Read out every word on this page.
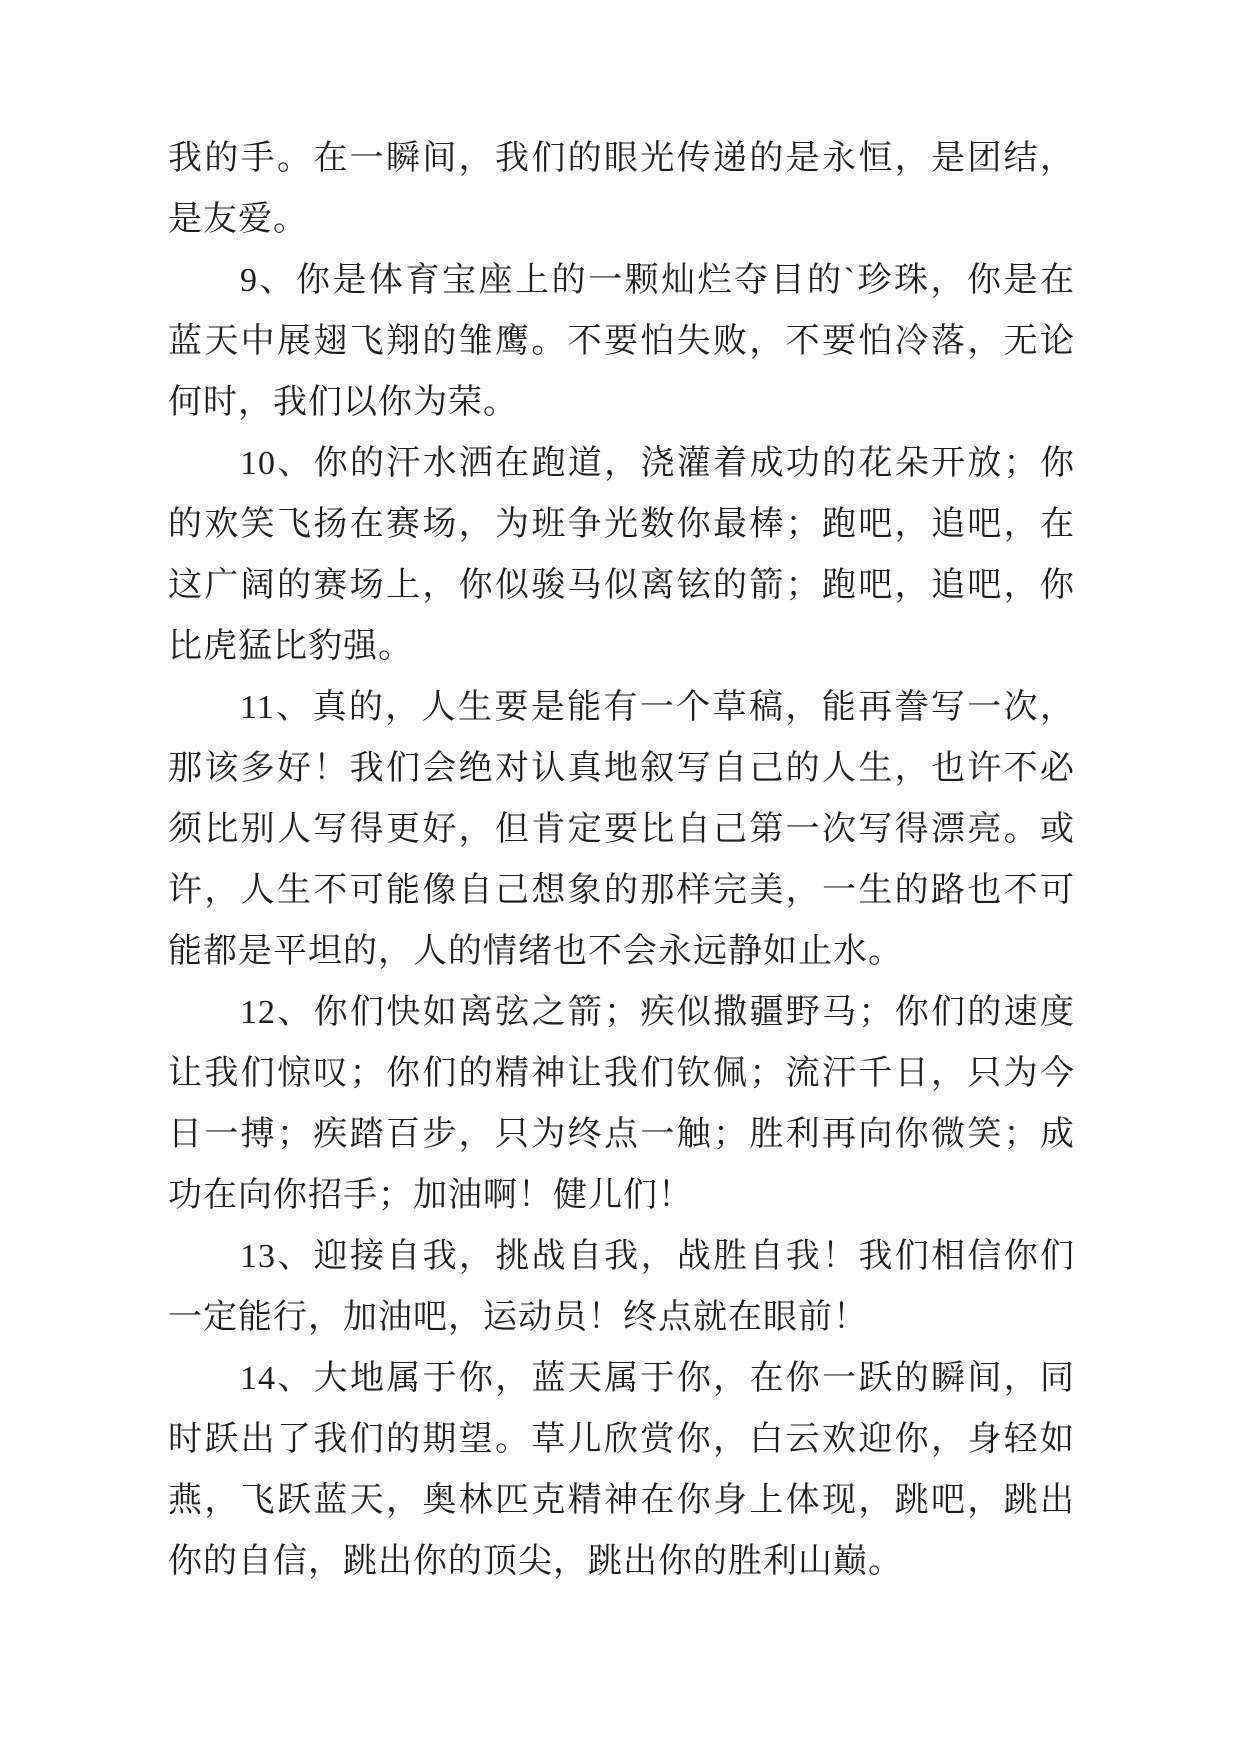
我的手。在一瞬间，我们的眼光传递的是永恒，是团结，是友爱。

9、你是体育宝座上的一颗灿烂夺目的`珍珠，你是在蓝天中展翅飞翔的雏鹰。不要怕失败，不要怕冷落，无论何时，我们以你为荣。

10、你的汗水洒在跑道，浇灌着成功的花朵开放；你的欢笑飞扬在赛场，为班争光数你最棒；跑吧，追吧，在这广阔的赛场上，你似骏马似离铉的箭；跑吧，追吧，你比虎猛比豹强。

11、真的，人生要是能有一个草稿，能再誊写一次，那该多好！我们会绝对认真地叙写自己的人生，也许不必须比别人写得更好，但肯定要比自己第一次写得漂亮。或许，人生不可能像自己想象的那样完美，一生的路也不可能都是平坦的，人的情绪也不会永远静如止水。

12、你们快如离弦之箭；疾似撒疆野马；你们的速度让我们惊叹；你们的精神让我们钦佩；流汗千日，只为今日一搏；疾踏百步，只为终点一触；胜利再向你微笑；成功在向你招手；加油啊！健儿们！

13、迎接自我，挑战自我，战胜自我！我们相信你们一定能行，加油吧，运动员！终点就在眼前！

14、大地属于你，蓝天属于你，在你一跃的瞬间，同时跃出了我们的期望。草儿欣赏你，白云欢迎你，身轻如燕，飞跃蓝天，奥林匹克精神在你身上体现，跳吧，跳出你的自信，跳出你的顶尖，跳出你的胜利山巅。
